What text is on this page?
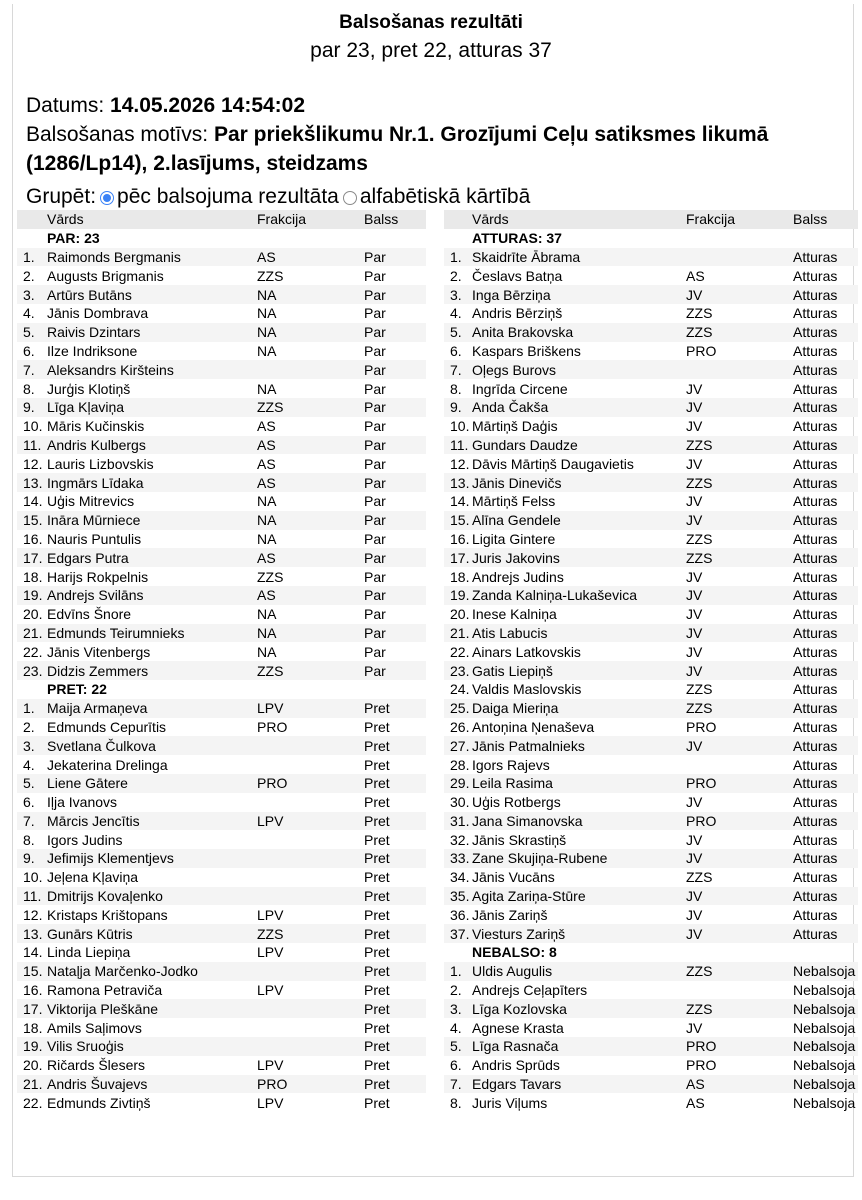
Balsošanas rezultāti
par 23, pret 22, atturas 37
Datums: 14.05.2026 14:54:02
Balsošanas motīvs: Par priekšlikumu Nr.1. Grozījumi Ceļu satiksmes likumā (1286/Lp14), 2.lasījums, steidzams
Grupēt: pēc balsojuma rezultāta alfabētiskā kārtībā
	Vārds	Frakcija	Balss
	PAR: 23		
1.	Raimonds Bergmanis	AS	Par
2.	Augusts Brigmanis	ZZS	Par
3.	Artūrs Butāns	NA	Par
4.	Jānis Dombrava	NA	Par
5.	Raivis Dzintars	NA	Par
6.	Ilze Indriksone	NA	Par
7.	Aleksandrs Kiršteins		Par
8.	Jurģis Klotiņš	NA	Par
9.	Līga Kļaviņa	ZZS	Par
10.	Māris Kučinskis	AS	Par
11.	Andris Kulbergs	AS	Par
12.	Lauris Lizbovskis	AS	Par
13.	Ingmārs Līdaka	AS	Par
14.	Uģis Mitrevics	NA	Par
15.	Ināra Mūrniece	NA	Par
16.	Nauris Puntulis	NA	Par
17.	Edgars Putra	AS	Par
18.	Harijs Rokpelnis	ZZS	Par
19.	Andrejs Svilāns	AS	Par
20.	Edvīns Šnore	NA	Par
21.	Edmunds Teirumnieks	NA	Par
22.	Jānis Vitenbergs	NA	Par
23.	Didzis Zemmers	ZZS	Par
	PRET: 22		
1.	Maija Armaņeva	LPV	Pret
2.	Edmunds Cepurītis	PRO	Pret
3.	Svetlana Čulkova		Pret
4.	Jekaterina Drelinga		Pret
5.	Liene Gātere	PRO	Pret
6.	Iļja Ivanovs		Pret
7.	Mārcis Jencītis	LPV	Pret
8.	Igors Judins		Pret
9.	Jefimijs Klementjevs		Pret
10.	Jeļena Kļaviņa		Pret
11.	Dmitrijs Kovaļenko		Pret
12.	Kristaps Krištopans	LPV	Pret
13.	Gunārs Kūtris	ZZS	Pret
14.	Linda Liepiņa	LPV	Pret
15.	Nataļja Marčenko-Jodko		Pret
16.	Ramona Petraviča	LPV	Pret
17.	Viktorija Pleškāne		Pret
18.	Amils Saļimovs		Pret
19.	Vilis Sruoģis		Pret
20.	Ričards Šlesers	LPV	Pret
21.	Andris Šuvajevs	PRO	Pret
22.	Edmunds Zivtiņš	LPV	Pret
	Vārds	Frakcija	Balss
	ATTURAS: 37		
1.	Skaidrīte Ābrama		Atturas
2.	Česlavs Batņa	AS	Atturas
3.	Inga Bērziņa	JV	Atturas
4.	Andris Bērziņš	ZZS	Atturas
5.	Anita Brakovska	ZZS	Atturas
6.	Kaspars Briškens	PRO	Atturas
7.	Oļegs Burovs		Atturas
8.	Ingrīda Circene	JV	Atturas
9.	Anda Čakša	JV	Atturas
10.	Mārtiņš Daģis	JV	Atturas
11.	Gundars Daudze	ZZS	Atturas
12.	Dāvis Mārtiņš Daugavietis	JV	Atturas
13.	Jānis Dinevičs	ZZS	Atturas
14.	Mārtiņš Felss	JV	Atturas
15.	Alīna Gendele	JV	Atturas
16.	Ligita Gintere	ZZS	Atturas
17.	Juris Jakovins	ZZS	Atturas
18.	Andrejs Judins	JV	Atturas
19.	Zanda Kalniņa-Lukaševica	JV	Atturas
20.	Inese Kalniņa	JV	Atturas
21.	Atis Labucis	JV	Atturas
22.	Ainars Latkovskis	JV	Atturas
23.	Gatis Liepiņš	JV	Atturas
24.	Valdis Maslovskis	ZZS	Atturas
25.	Daiga Mieriņa	ZZS	Atturas
26.	Antoņina Ņenaševa	PRO	Atturas
27.	Jānis Patmalnieks	JV	Atturas
28.	Igors Rajevs		Atturas
29.	Leila Rasima	PRO	Atturas
30.	Uģis Rotbergs	JV	Atturas
31.	Jana Simanovska	PRO	Atturas
32.	Jānis Skrastiņš	JV	Atturas
33.	Zane Skujiņa-Rubene	JV	Atturas
34.	Jānis Vucāns	ZZS	Atturas
35.	Agita Zariņa-Stūre	JV	Atturas
36.	Jānis Zariņš	JV	Atturas
37.	Viesturs Zariņš	JV	Atturas
	NEBALSO: 8		
1.	Uldis Augulis	ZZS	Nebalsoja
2.	Andrejs Ceļapīters		Nebalsoja
3.	Līga Kozlovska	ZZS	Nebalsoja
4.	Agnese Krasta	JV	Nebalsoja
5.	Līga Rasnača	PRO	Nebalsoja
6.	Andris Sprūds	PRO	Nebalsoja
7.	Edgars Tavars	AS	Nebalsoja
8.	Juris Viļums	AS	Nebalsoja
